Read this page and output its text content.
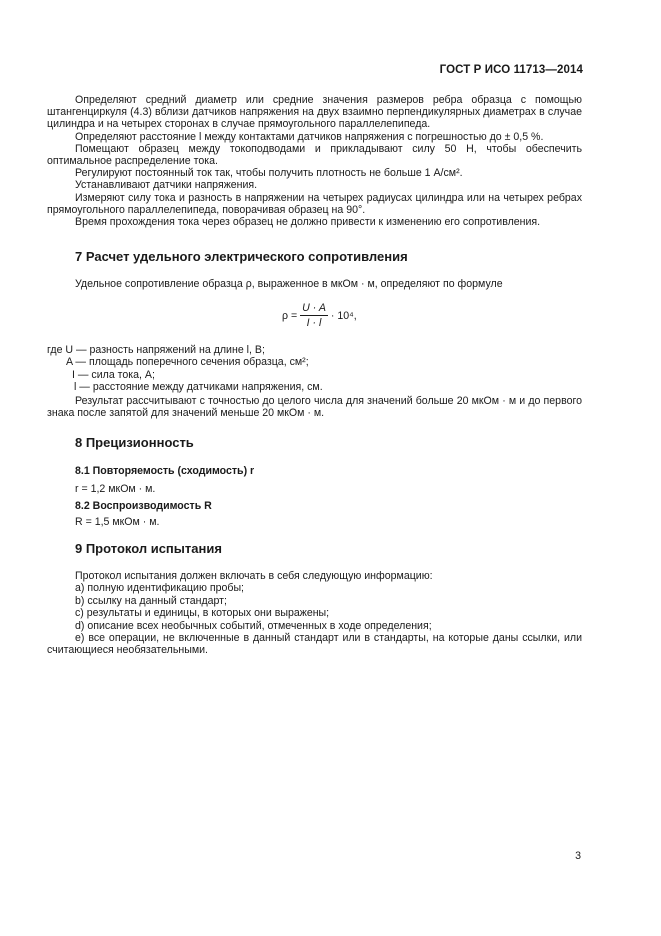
ГОСТ Р ИСО 11713—2014

Определяют средний диаметр или средние значения размеров ребра образца с помощью штангенциркуля (4.3) вблизи датчиков напряжения на двух взаимно перпендикулярных диаметрах в случае цилиндра и на четырех сторонах в случае прямоугольного параллелепипеда.

Определяют расстояние l между контактами датчиков напряжения с погрешностью до ± 0,5 %.

Помещают образец между токоподводами и прикладывают силу 50 Н, чтобы обеспечить оптимальное распределение тока.

Регулируют постоянный ток так, чтобы получить плотность не больше 1 А/см².

Устанавливают датчики напряжения.

Измеряют силу тока и разность в напряжении на четырех радиусах цилиндра или на четырех ребрах прямоугольного параллелепипеда, поворачивая образец на 90°.

Время прохождения тока через образец не должно привести к изменению его сопротивления.

7 Расчет удельного электрического сопротивления
Удельное сопротивление образца ρ, выраженное в мкОм · м, определяют по формуле
$\rho = \frac{U \cdot A}{I \cdot l} \cdot 10^4$,
где U — разность напряжений на длине l, В;
A — площадь поперечного сечения образца, см²;
I — сила тока, А;
l — расстояние между датчиками напряжения, см.

Результат рассчитывают с точностью до целого числа для значений больше 20 мкОм · м и до первого знака после запятой для значений меньше 20 мкОм · м.

8 Прецизионность
8.1 Повторяемость (сходимость) r
r = 1,2 мкОм · м.
8.2 Воспроизводимость R
R = 1,5 мкОм · м.
9 Протокол испытания
Протокол испытания должен включать в себя следующую информацию:
a) полную идентификацию пробы;
b) ссылку на данный стандарт;
c) результаты и единицы, в которых они выражены;
d) описание всех необычных событий, отмеченных в ходе определения;

e) все операции, не включенные в данный стандарт или в стандарты, на которые даны ссылки, или считающиеся необязательными.

3
